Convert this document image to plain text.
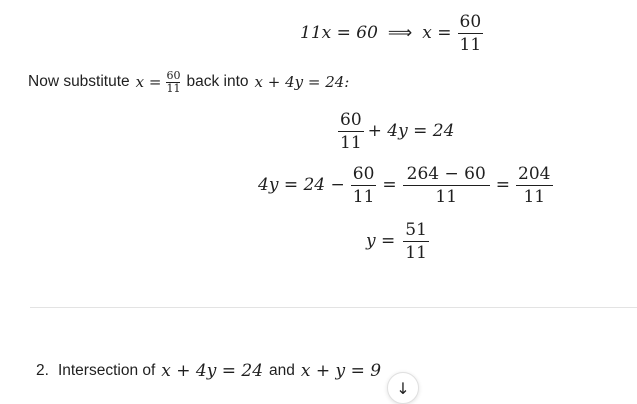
11x = 60 ⟹ $x = \frac{60}{11}$
Now substitute $x = \frac{60}{11}$ back into x + 4y = 24:
$\frac{60}{11} + 4y = 24$
$4y = 24 - \frac{60}{11} = \frac{264 - 60}{11} = \frac{204}{11}$
$y = \frac{51}{11}$
2. Intersection of x + 4y = 24 and x + y = 9
↓
